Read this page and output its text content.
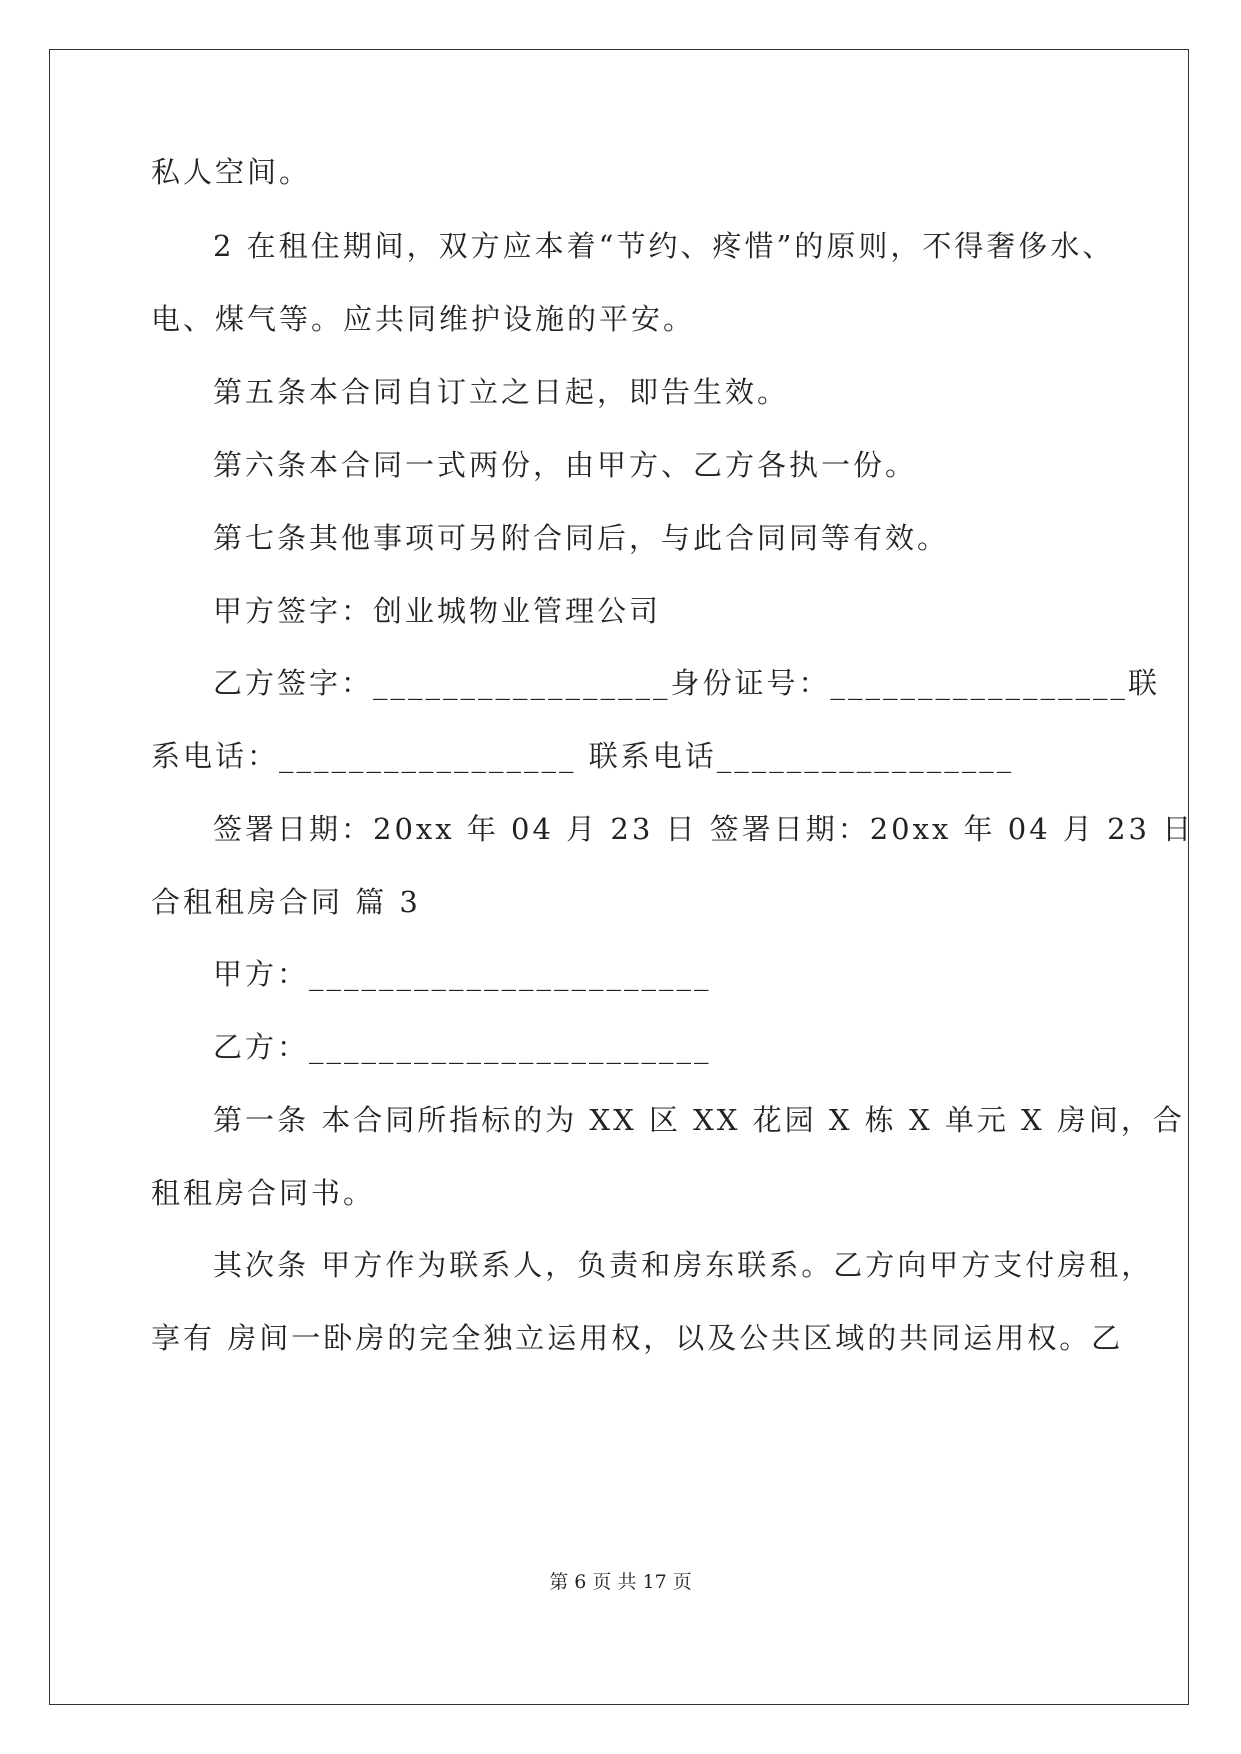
私人空间。
2 在租住期间，双方应本着“节约、疼惜”的原则，不得奢侈水、
电、煤气等。应共同维护设施的平安。
第五条本合同自订立之日起，即告生效。
第六条本合同一式两份，由甲方、乙方各执一份。
第七条其他事项可另附合同后，与此合同同等有效。
甲方签字：创业城物业管理公司
乙方签字：_________________身份证号：_________________联
系电话：_________________ 联系电话_________________
签署日期：20xx 年 04 月 23 日 签署日期：20xx 年 04 月 23 日
合租租房合同 篇 3
甲方：_______________________
乙方：_______________________
第一条 本合同所指标的为 XX 区 XX 花园 X 栋 X 单元 X 房间，合
租租房合同书。
其次条 甲方作为联系人，负责和房东联系。乙方向甲方支付房租，
享有 房间一卧房的完全独立运用权，以及公共区域的共同运用权。乙
第 6 页 共 17 页
